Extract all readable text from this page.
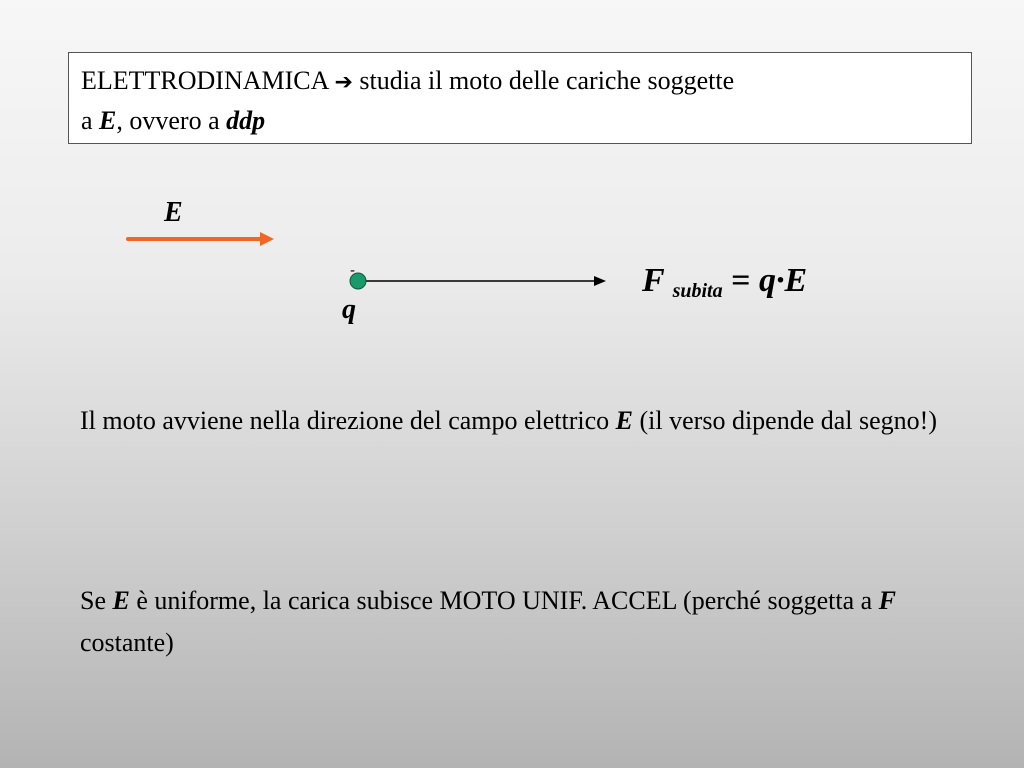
ELETTRODINAMICA ➔ studia il moto delle cariche soggette
a E, ovvero a ddp
-
E
q
F subita = q·E
Il moto avviene nella direzione del campo elettrico E (il verso dipende dal segno!)
Se E è uniforme, la carica subisce MOTO UNIF. ACCEL (perché soggetta a F costante)
